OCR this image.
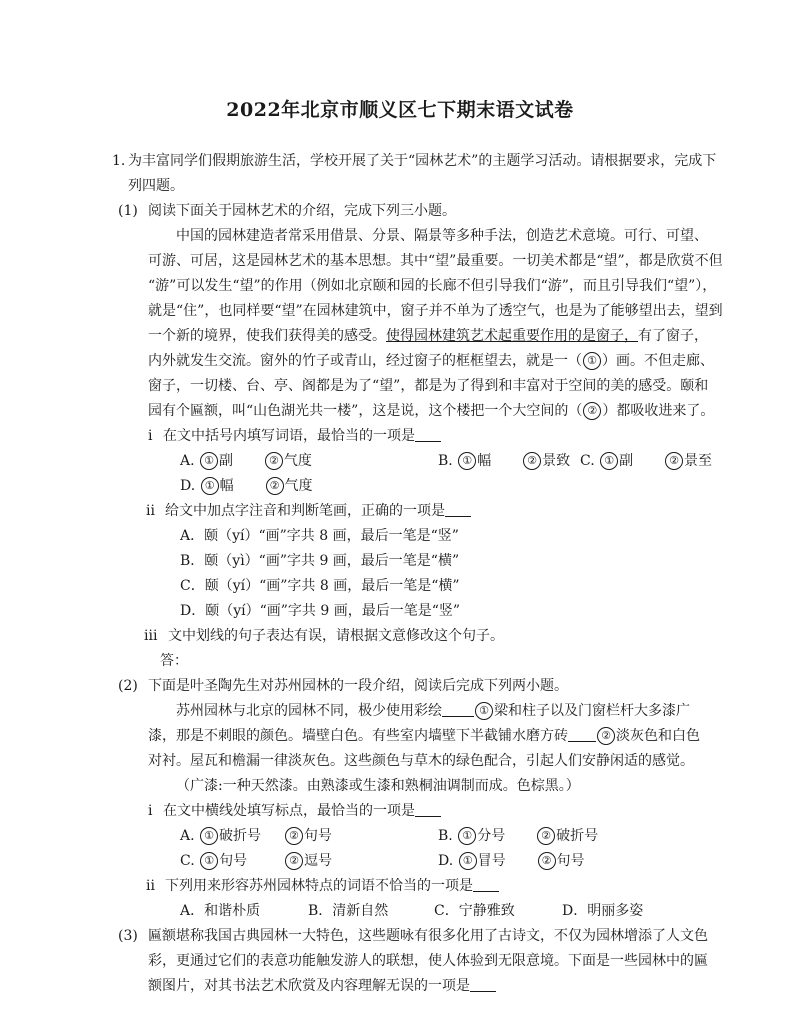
2022年北京市顺义区七下期末语文试卷
1. 为丰富同学们假期旅游生活，学校开展了关于“园林艺术”的主题学习活动。请根据要求，完成下
列四题。
(1) 阅读下面关于园林艺术的介绍，完成下列三小题。
中国的园林建造者常采用借景、分景、隔景等多种手法，创造艺术意境。可行、可望、
可游、可居，这是园林艺术的基本思想。其中“望”最重要。一切美术都是“望”，都是欣赏不但
“游”可以发生“望”的作用（例如北京颐和园的长廊不但引导我们“游”，而且引导我们“望”），
就是“住”，也同样要“望”在园林建筑中，窗子并不单为了透空气，也是为了能够望出去，望到
一个新的境界，使我们获得美的感受。使得园林建筑艺术起重要作用的是窗子，有了窗子，
内外就发生交流。窗外的竹子或青山，经过窗子的框框望去，就是一（ ① ）画。不但走廊、
窗子，一切楼、台、亭、阁都是为了“望”，都是为了得到和丰富对于空间的美的感受。颐和
园有个匾额，叫“山色湖光共一楼”，这是说，这个楼把一个大空间的（ ② ）都吸收进来了。
i 在文中括号内填写词语，最恰当的一项是
A. ① 副	② 气度	B. ① 幅	② 景致 C. ① 副	② 景至
D. ① 幅	② 气度
ii 给文中加点字注音和判断笔画，正确的一项是
A．颐（yí）“画”字共 8 画，最后一笔是“竖”
B．颐（yì）“画”字共 9 画，最后一笔是“横”
C．颐（yí）“画”字共 8 画，最后一笔是“横”
D．颐（yí）“画”字共 9 画，最后一笔是“竖”
iii 文中划线的句子表达有误，请根据文意修改这个句子。
答：
(2) 下面是叶圣陶先生对苏州园林的一段介绍，阅读后完成下列两小题。
苏州园林与北京的园林不同，极少使用彩绘	① 梁和柱子以及门窗栏杆大多漆广
漆，那是不刺眼的颜色。墙壁白色。有些室内墙壁下半截铺水磨方砖	② 淡灰色和白色
对衬。屋瓦和檐漏一律淡灰色。这些颜色与草木的绿色配合，引起人们安静闲适的感觉。
（广漆:一种天然漆。由熟漆或生漆和熟桐油调制而成。色棕黑。）
i 在文中横线处填写标点，最恰当的一项是
A. ① 破折号	② 句号	B. ① 分号	② 破折号
C. ① 句号	② 逗号	D. ① 冒号	② 句号
ii 下列用来形容苏州园林特点的词语不恰当的一项是
A．和谐朴质	B．清新自然	C．宁静雅致	D．明丽多姿
(3) 匾额堪称我国古典园林一大特色，这些题咏有很多化用了古诗文，不仅为园林增添了人文色
彩，更通过它们的表意功能触发游人的联想，使人体验到无限意境。下面是一些园林中的匾
额图片，对其书法艺术欣赏及内容理解无误的一项是
